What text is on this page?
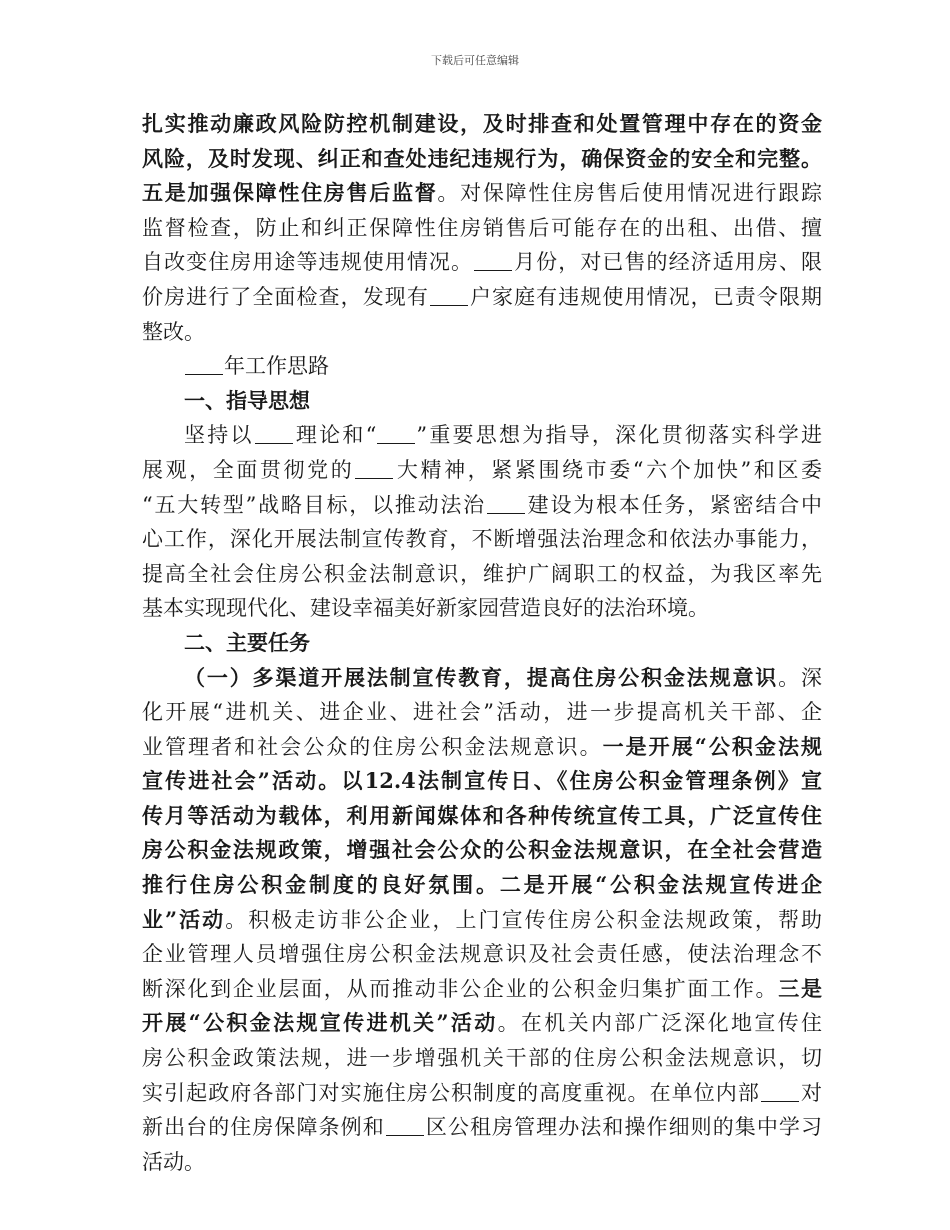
下载后可任意编辑
扎实推动廉政风险防控机制建设，及时排查和处置管理中存在的资金
风险，及时发现、纠正和查处违纪违规行为，确保资金的安全和完整。
五是加强保障性住房售后监督。对保障性住房售后使用情况进行跟踪
监督检查，防止和纠正保障性住房销售后可能存在的出租、出借、擅
自改变住房用途等违规使用情况。 月份，对已售的经济适用房、限
价房进行了全面检查，发现有 户家庭有违规使用情况，已责令限期
整改。
年工作思路
一、指导思想
坚持以 理论和“ ”重要思想为指导，深化贯彻落实科学进
展观，全面贯彻党的 大精神，紧紧围绕市委“六个加快”和区委
“五大转型”战略目标，以推动法治 建设为根本任务，紧密结合中
心工作，深化开展法制宣传教育，不断增强法治理念和依法办事能力，
提高全社会住房公积金法制意识，维护广阔职工的权益，为我区率先
基本实现现代化、建设幸福美好新家园营造良好的法治环境。
二、主要任务
（一）多渠道开展法制宣传教育，提高住房公积金法规意识。深
化开展“进机关、进企业、进社会”活动，进一步提高机关干部、企
业管理者和社会公众的住房公积金法规意识。一是开展“公积金法规
宣传进社会”活动。以12.4法制宣传日、《住房公积金管理条例》宣
传月等活动为载体，利用新闻媒体和各种传统宣传工具，广泛宣传住
房公积金法规政策，增强社会公众的公积金法规意识，在全社会营造
推行住房公积金制度的良好氛围。二是开展“公积金法规宣传进企
业”活动。积极走访非公企业，上门宣传住房公积金法规政策，帮助
企业管理人员增强住房公积金法规意识及社会责任感，使法治理念不
断深化到企业层面，从而推动非公企业的公积金归集扩面工作。三是
开展“公积金法规宣传进机关”活动。在机关内部广泛深化地宣传住
房公积金政策法规，进一步增强机关干部的住房公积金法规意识，切
实引起政府各部门对实施住房公积制度的高度重视。在单位内部 对
新出台的住房保障条例和 区公租房管理办法和操作细则的集中学习
活动。
